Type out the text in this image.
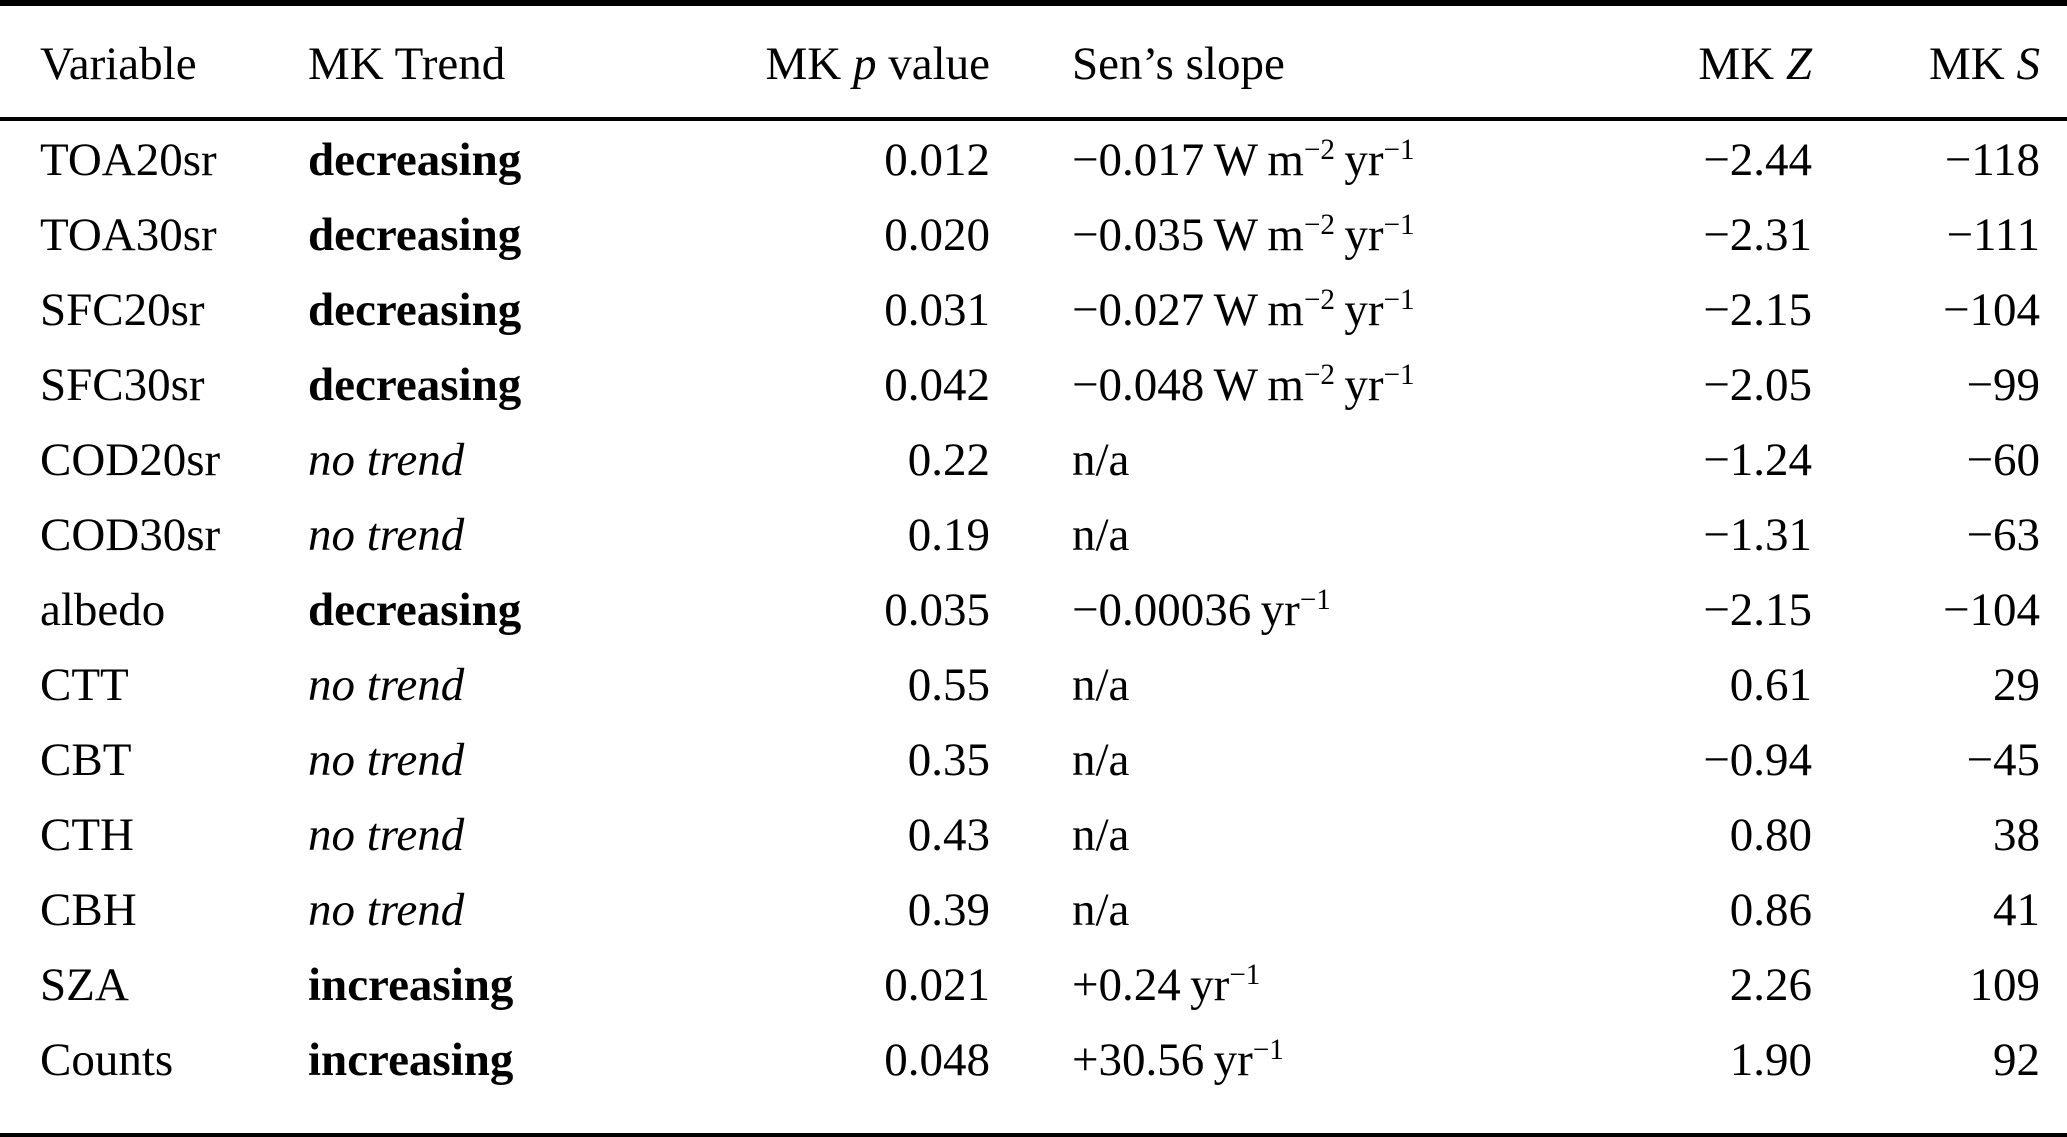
Variable	MK Trend	MK p value	Sen’s slope	MK Z	MK S
TOA20sr	decreasing	0.012	−0.017 W $m^{-2}$ $yr^{-1}$	−2.44	−118
TOA30sr	decreasing	0.020	−0.035 W $m^{-2}$ $yr^{-1}$	−2.31	−111
SFC20sr	decreasing	0.031	−0.027 W $m^{-2}$ $yr^{-1}$	−2.15	−104
SFC30sr	decreasing	0.042	−0.048 W $m^{-2}$ $yr^{-1}$	−2.05	−99
COD20sr	no trend	0.22	n/a	−1.24	−60
COD30sr	no trend	0.19	n/a	−1.31	−63
albedo	decreasing	0.035	−0.00036 $yr^{-1}$	−2.15	−104
CTT	no trend	0.55	n/a	0.61	29
CBT	no trend	0.35	n/a	−0.94	−45
CTH	no trend	0.43	n/a	0.80	38
CBH	no trend	0.39	n/a	0.86	41
SZA	increasing	0.021	+0.24 $yr^{-1}$	2.26	109
Counts	increasing	0.048	+30.56 $yr^{-1}$	1.90	92
